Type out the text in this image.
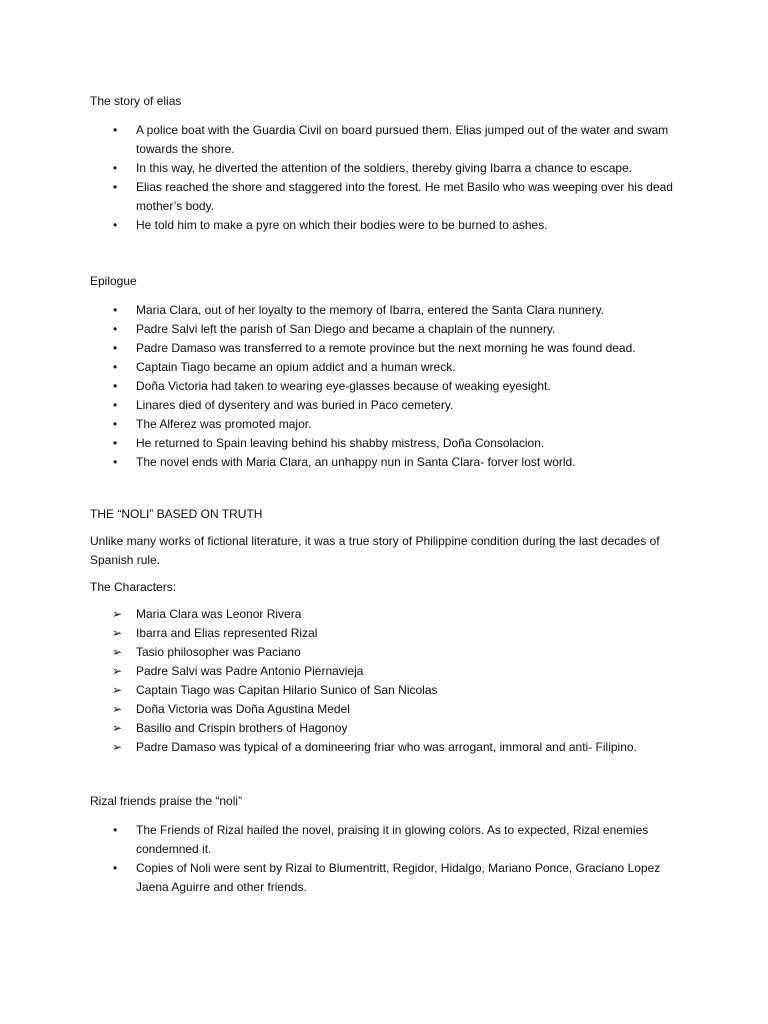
The story of elias

• A police boat with the Guardia Civil on board pursued them. Elias jumped out of the water and swam towards the shore.
• In this way, he diverted the attention of the soldiers, thereby giving Ibarra a chance to escape.
• Elias reached the shore and staggered into the forest. He met Basilo who was weeping over his dead mother’s body.
• He told him to make a pyre on which their bodies were to be burned to ashes.

Epilogue

• Maria Clara, out of her loyalty to the memory of Ibarra, entered the Santa Clara nunnery.
• Padre Salvi left the parish of San Diego and became a chaplain of the nunnery.
• Padre Damaso was transferred to a remote province but the next morning he was found dead.
• Captain Tiago became an opium addict and a human wreck.
• Doña Victoria had taken to wearing eye-glasses because of weaking eyesight.
• Linares died of dysentery and was buried in Paco cemetery.
• The Alferez was promoted major.
• He returned to Spain leaving behind his shabby mistress, Doña Consolacion.
• The novel ends with Maria Clara, an unhappy nun in Santa Clara- forver lost world.

THE “NOLI” BASED ON TRUTH

Unlike many works of fictional literature, it was a true story of Philippine condition during the last decades of Spanish rule.

The Characters:

➢ Maria Clara was Leonor Rivera
➢ Ibarra and Elias represented Rizal
➢ Tasio philosopher was Paciano
➢ Padre Salvi was Padre Antonio Piernavieja
➢ Captain Tiago was Capitan Hilario Sunico of San Nicolas
➢ Doña Victoria was Doña Agustina Medel
➢ Basilio and Crispin brothers of Hagonoy
➢ Padre Damaso was typical of a domineering friar who was arrogant, immoral and anti- Filipino.

Rizal friends praise the “noli”

• The Friends of Rizal hailed the novel, praising it in glowing colors. As to expected, Rizal enemies condemned it.
• Copies of Noli were sent by Rizal to Blumentritt, Regidor, Hidalgo, Mariano Ponce, Graciano Lopez Jaena Aguirre and other friends.
